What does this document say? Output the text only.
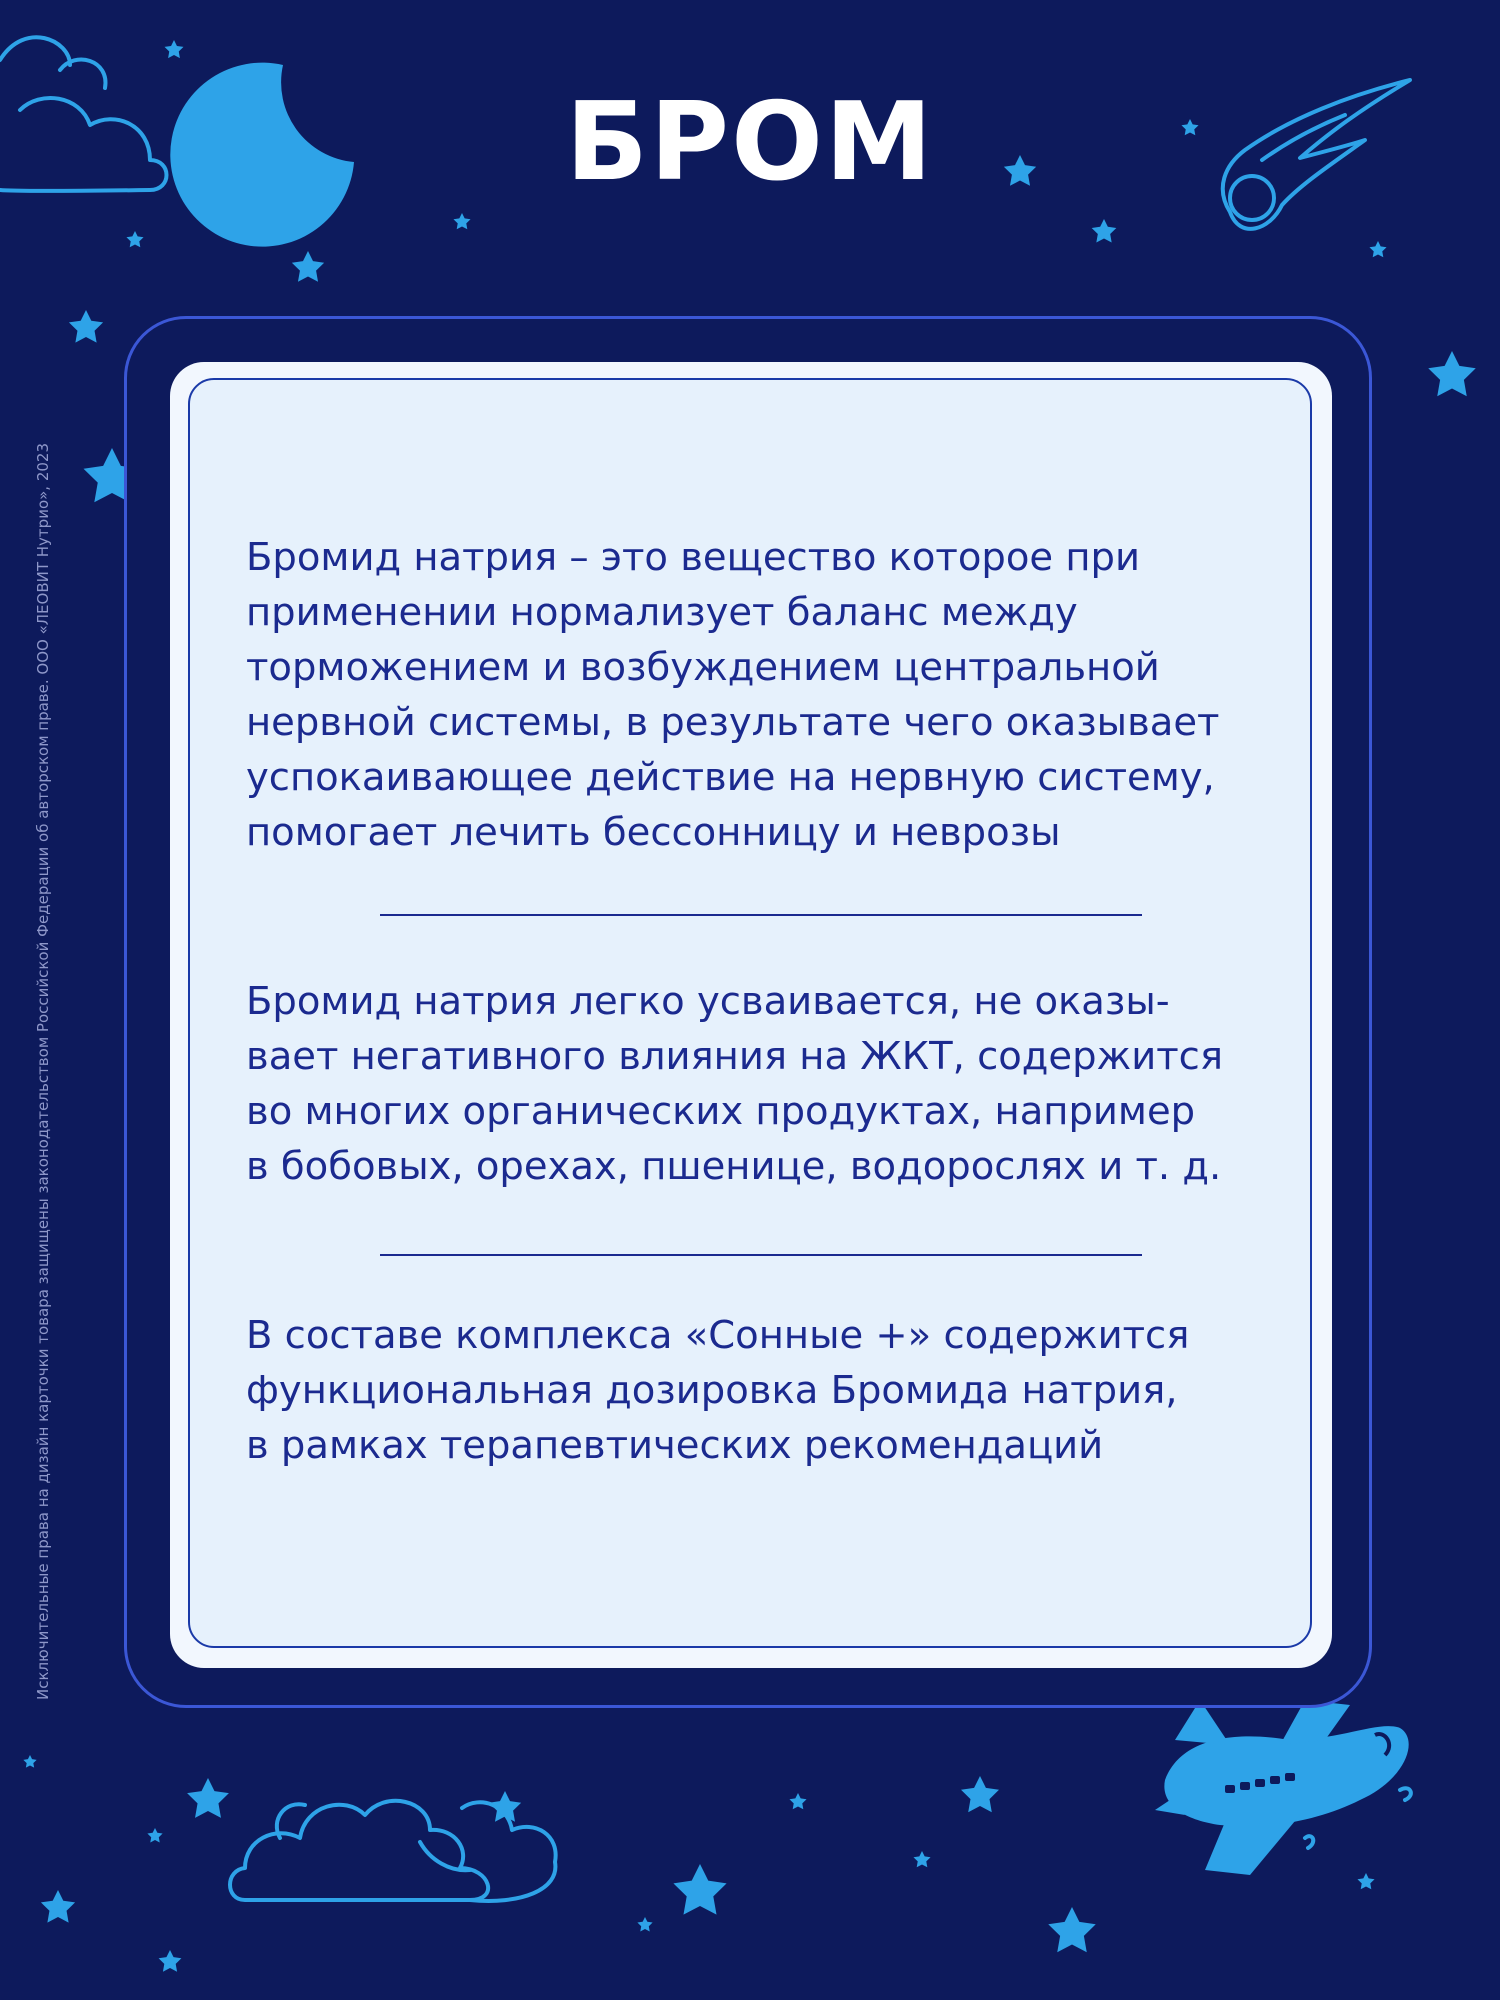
БРОМ
Исключительные права на дизайн карточки товара защищены законодательством Российской Федерации об авторском праве. ООО «ЛЕОВИТ Нутрио», 2023	Бромид натрия – это вещество которое при
применении нормализует баланс между
торможением и возбуждением центральной
нервной системы, в результате чего оказывает
успокаивающее действие на нервную систему,
помогает лечить бессонницу и неврозы
Бромид натрия легко усваивается, не оказы-
вает негативного влияния на ЖКТ, содержится
во многих органических продуктах, например
в бобовых, орехах, пшенице, водорослях и т. д.
В составе комплекса «Сонные +» содержится
функциональная дозировка Бромида натрия,
в рамках терапевтических рекомендаций
